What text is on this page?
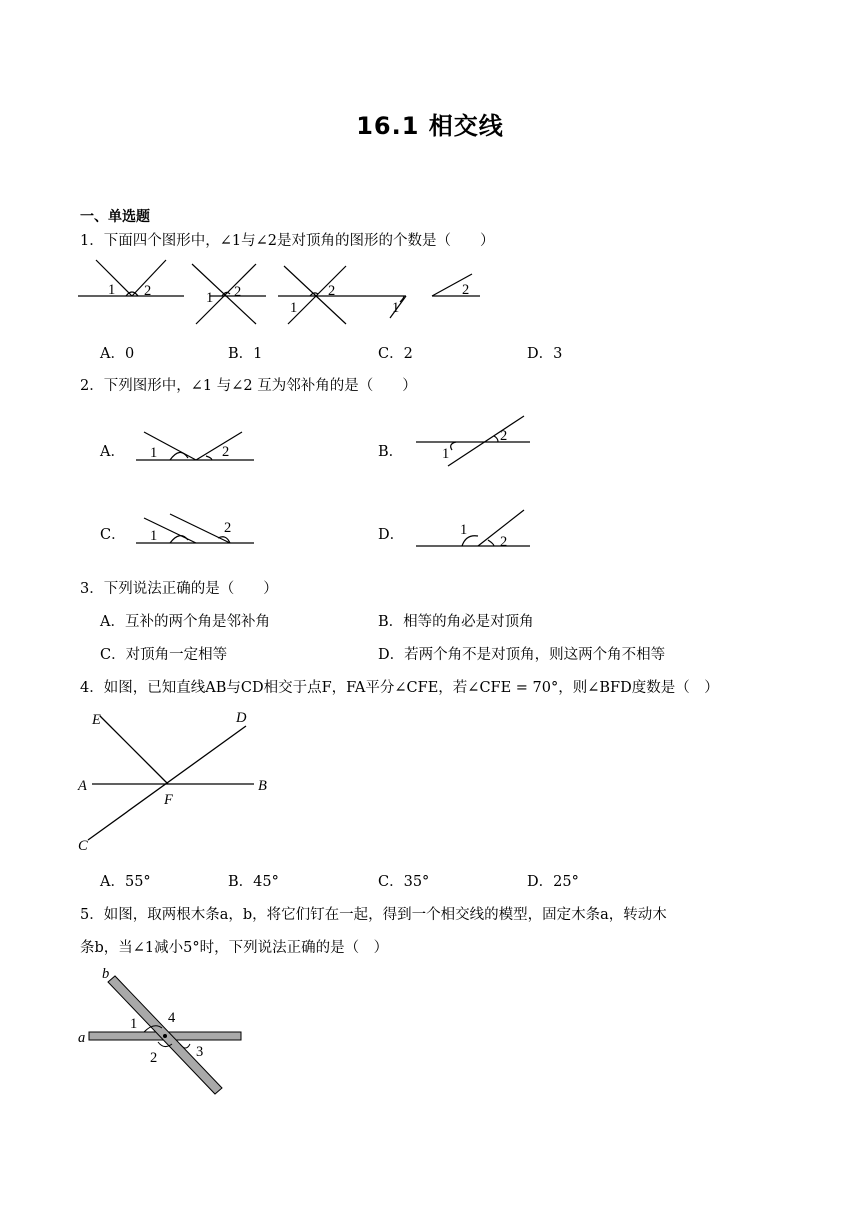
16.1 相交线
一、单选题
1．下面四个图形中，∠1与∠2是对顶角的图形的个数是（　　）
1 2	1 2
1
2
1
2
A．0	B．1	C．2	D．3
2．下列图形中，∠1 与∠2 互为邻补角的是（　　）
A．	B．
C．	D．
1	2	1
2
1	2	1
2
3．下列说法正确的是（　　）
A．互补的两个角是邻补角	B．相等的角必是对顶角
C．对顶角一定相等	D．若两个角不是对顶角，则这两个角不相等
4．如图，已知直线AB与CD相交于点F，FA平分∠CFE，若∠CFE = 70°，则∠BFD度数是（　）
E	D
A	B
F
C
A．55°	B．45°	C．35°	D．25°
5．如图，取两根木条a，b，将它们钉在一起，得到一个相交线的模型，固定木条a，转动木
条b，当∠1减小5°时，下列说法正确的是（　）
b
a
1 4
2	3
